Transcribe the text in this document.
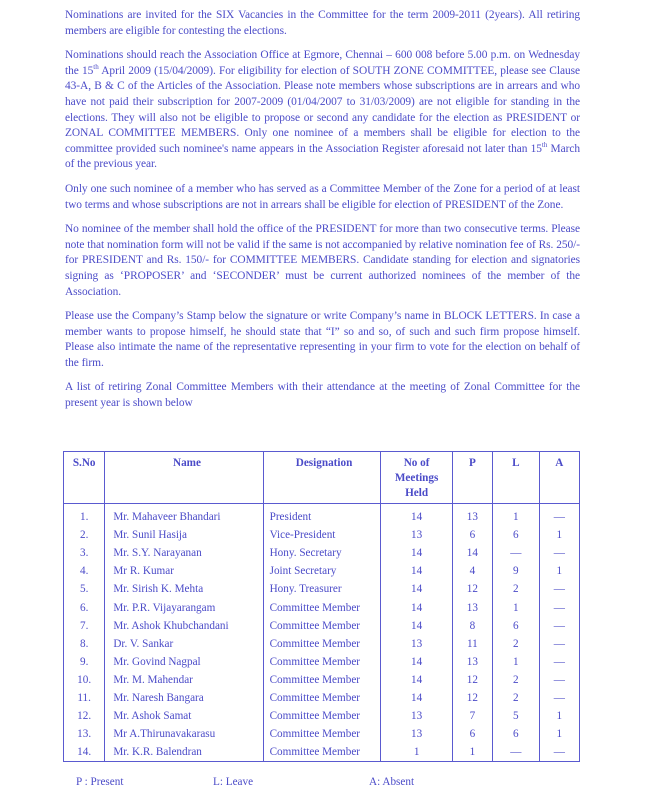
Nominations are invited for the SIX Vacancies in the Committee for the term 2009-2011 (2years). All retiring members are eligible for contesting the elections.

Nominations should reach the Association Office at Egmore, Chennai – 600 008 before 5.00 p.m. on Wednesday the 15th April 2009 (15/04/2009). For eligibility for election of SOUTH ZONE COMMITTEE, please see Clause 43-A, B & C of the Articles of the Association. Please note members whose subscriptions are in arrears and who have not paid their subscription for 2007-2009 (01/04/2007 to 31/03/2009) are not eligible for standing in the elections. They will also not be eligible to propose or second any candidate for the election as PRESIDENT or ZONAL COMMITTEE MEMBERS. Only one nominee of a members shall be eligible for election to the committee provided such nominee's name appears in the Association Register aforesaid not later than 15th March of the previous year.

Only one such nominee of a member who has served as a Committee Member of the Zone for a period of at least two terms and whose subscriptions are not in arrears shall be eligible for election of PRESIDENT of the Zone.

No nominee of the member shall hold the office of the PRESIDENT for more than two consecutive terms. Please note that nomination form will not be valid if the same is not accompanied by relative nomination fee of Rs. 250/- for PRESIDENT and Rs. 150/- for COMMITTEE MEMBERS. Candidate standing for election and signatories signing as ‘PROPOSER’ and ‘SECONDER’ must be current authorized nominees of the member of the Association.

Please use the Company’s Stamp below the signature or write Company’s name in BLOCK LETTERS. In case a member wants to propose himself, he should state that “I” so and so, of such and such firm propose himself. Please also intimate the name of the representative representing in your firm to vote for the election on behalf of the firm.

A list of retiring Zonal Committee Members with their attendance at the meeting of Zonal Committee for the present year is shown below

S.No	Name	Designation	No of
Meetings
Held	P	L	A
1.	Mr. Mahaveer Bhandari	President	14	13	1	—
2.	Mr. Sunil Hasija	Vice-President	13	6	6	1
3.	Mr. S.Y. Narayanan	Hony. Secretary	14	14	—	—
4.	Mr R. Kumar	Joint Secretary	14	4	9	1
5.	Mr. Sirish K. Mehta	Hony. Treasurer	14	12	2	—
6.	Mr. P.R. Vijayarangam	Committee Member	14	13	1	—
7.	Mr. Ashok Khubchandani	Committee Member	14	8	6	—
8.	Dr. V. Sankar	Committee Member	13	11	2	—
9.	Mr. Govind Nagpal	Committee Member	14	13	1	—
10.	Mr. M. Mahendar	Committee Member	14	12	2	—
11.	Mr. Naresh Bangara	Committee Member	14	12	2	—
12.	Mr. Ashok Samat	Committee Member	13	7	5	1
13.	Mr A.Thirunavakarasu	Committee Member	13	6	6	1
14.	Mr. K.R. Balendran	Committee Member	1	1	—	—
P : Present	L: Leave	A: Absent
